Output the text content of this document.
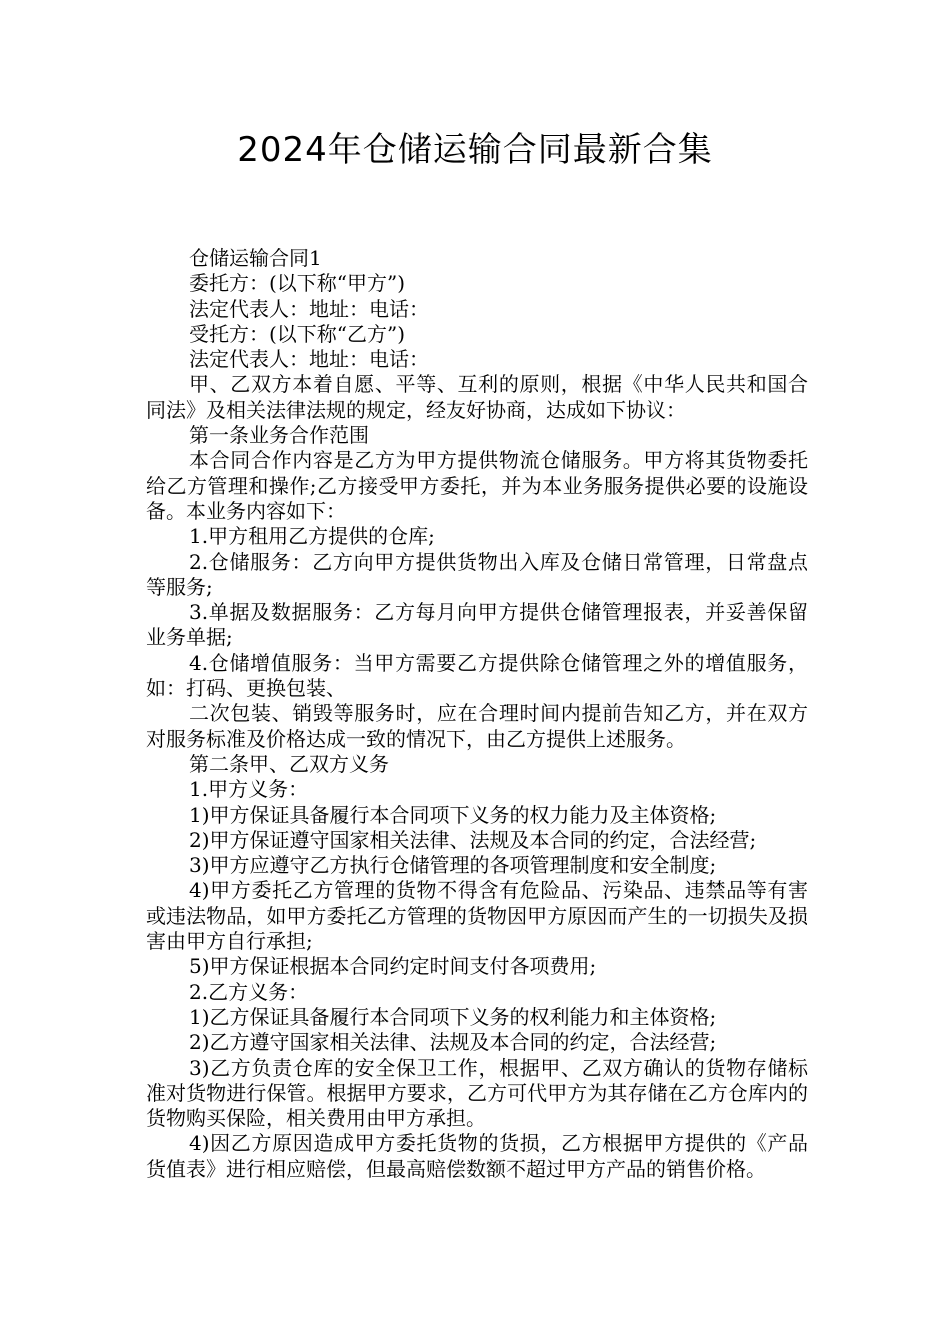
2024年仓储运输合同最新合集

仓储运输合同1

委托方：(以下称“甲方”)

法定代表人：地址：电话：

受托方：(以下称“乙方”)

法定代表人：地址：电话：

甲、乙双方本着自愿、平等、互利的原则，根据《中华人民共和国合同法》及相关法律法规的规定，经友好协商，达成如下协议：

第一条业务合作范围

本合同合作内容是乙方为甲方提供物流仓储服务。甲方将其货物委托给乙方管理和操作;乙方接受甲方委托，并为本业务服务提供必要的设施设备。本业务内容如下：

1.甲方租用乙方提供的仓库;

2.仓储服务：乙方向甲方提供货物出入库及仓储日常管理，日常盘点等服务;

3.单据及数据服务：乙方每月向甲方提供仓储管理报表，并妥善保留业务单据;

4.仓储增值服务：当甲方需要乙方提供除仓储管理之外的增值服务，如：打码、更换包装、

二次包装、销毁等服务时，应在合理时间内提前告知乙方，并在双方对服务标准及价格达成一致的情况下，由乙方提供上述服务。

第二条甲、乙双方义务

1.甲方义务：

1)甲方保证具备履行本合同项下义务的权力能力及主体资格;

2)甲方保证遵守国家相关法律、法规及本合同的约定，合法经营;

3)甲方应遵守乙方执行仓储管理的各项管理制度和安全制度;

4)甲方委托乙方管理的货物不得含有危险品、污染品、违禁品等有害或违法物品，如甲方委托乙方管理的货物因甲方原因而产生的一切损失及损害由甲方自行承担;

5)甲方保证根据本合同约定时间支付各项费用;

2.乙方义务：

1)乙方保证具备履行本合同项下义务的权利能力和主体资格;

2)乙方遵守国家相关法律、法规及本合同的约定，合法经营;

3)乙方负责仓库的安全保卫工作，根据甲、乙双方确认的货物存储标准对货物进行保管。根据甲方要求，乙方可代甲方为其存储在乙方仓库内的货物购买保险，相关费用由甲方承担。

4)因乙方原因造成甲方委托货物的货损，乙方根据甲方提供的《产品货值表》进行相应赔偿，但最高赔偿数额不超过甲方产品的销售价格。
